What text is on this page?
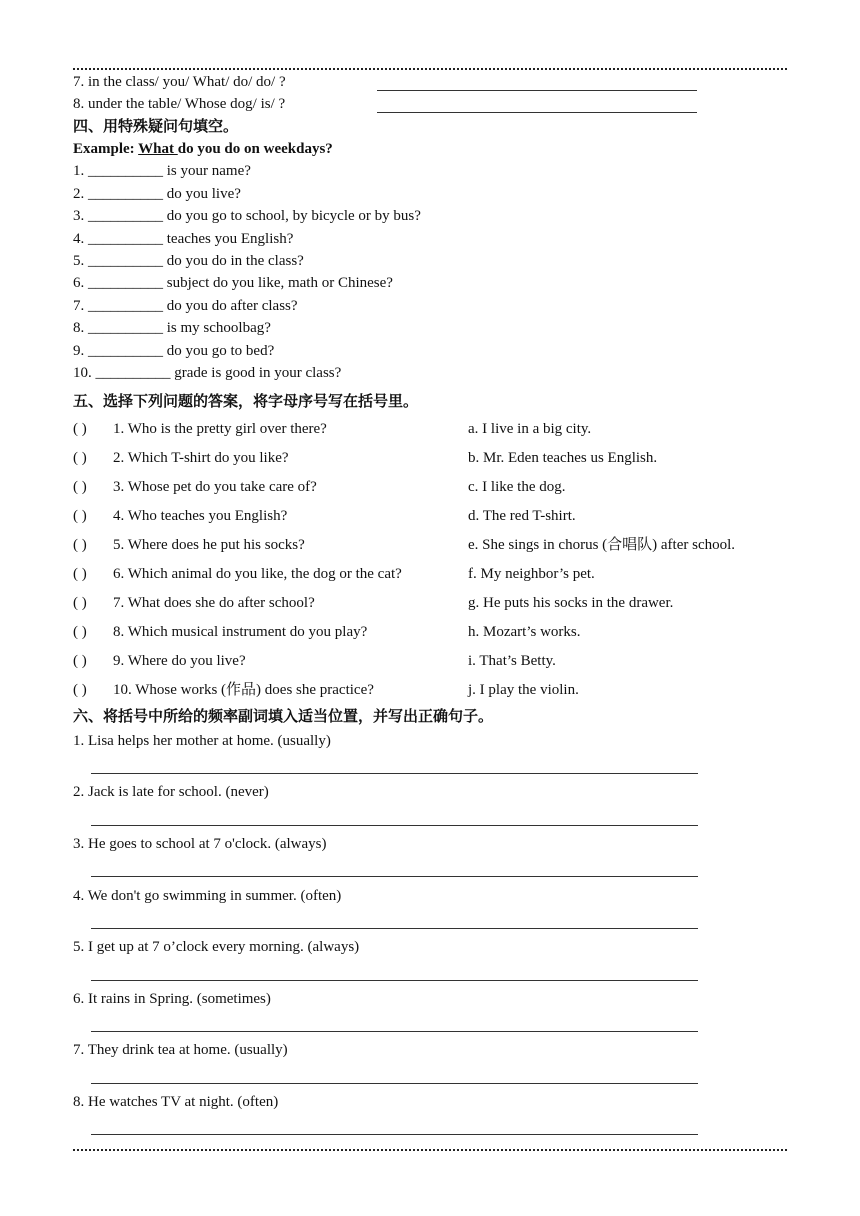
7. in the class/ you/ What/ do/ do/ ?
8. under the table/ Whose dog/ is/ ?
四、用特殊疑问句填空。
Example: What do you do on weekdays?
1. __________ is your name?
2. __________ do you live?
3. __________ do you go to school, by bicycle or by bus?
4. __________ teaches you English?
5. __________ do you do in the class?
6. __________ subject do you like, math or Chinese?
7. __________ do you do after class?
8. __________ is my schoolbag?
9. __________ do you go to bed?
10. __________ grade is good in your class?
五、选择下列问题的答案，将字母序号写在括号里。
( ) 1. Who is the pretty girl over there?	a. I live in a big city.
( ) 2. Which T-shirt do you like?	b. Mr. Eden teaches us English.
( ) 3. Whose pet do you take care of?	c. I like the dog.
( ) 4. Who teaches you English?	d. The red T-shirt.
( ) 5. Where does he put his socks?	e. She sings in chorus (合唱队) after school.
( ) 6. Which animal do you like, the dog or the cat?	f. My neighbor’s pet.
( ) 7. What does she do after school?	g. He puts his socks in the drawer.
( ) 8. Which musical instrument do you play?	h. Mozart’s works.
( ) 9. Where do you live?	i. That’s Betty.
( ) 10. Whose works (作品) does she practice?	j. I play the violin.
六、将括号中所给的频率副词填入适当位置，并写出正确句子。
1. Lisa helps her mother at home. (usually)
2. Jack is late for school. (never)
3. He goes to school at 7 o'clock. (always)
4. We don't go swimming in summer. (often)
5. I get up at 7 o’clock every morning. (always)
6. It rains in Spring. (sometimes)
7. They drink tea at home. (usually)
8. He watches TV at night. (often)
